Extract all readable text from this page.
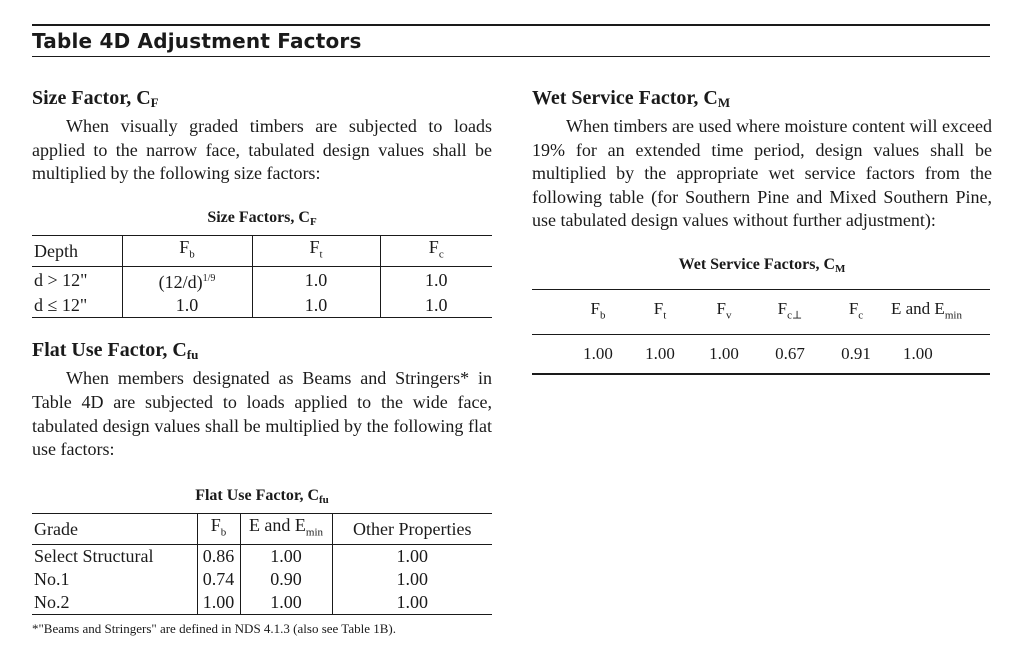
Table 4D Adjustment Factors
Size Factor, $C_F$

When visually graded timbers are subjected to loads applied to the narrow face, tabulated design values shall be multiplied by the following size factors:

Size Factors, $C_F$
Depth	$F_b$	$F_t$	$F_c$
d > 12"	$(12/d)^{1/9}$	1.0	1.0
d ≤ 12"	1.0	1.0	1.0
Flat Use Factor, $C_{fu}$

When members designated as Beams and Stringers* in Table 4D are subjected to loads applied to the wide face, tabulated design values shall be multiplied by the following flat use factors:

Flat Use Factor, $C_{fu}$
Grade	$F_b$	E and $E_{min}$	Other Properties
Select Structural	0.86	1.00	1.00
No.1	0.74	0.90	1.00
No.2	1.00	1.00	1.00
*"Beams and Stringers" are defined in NDS 4.1.3 (also see Table 1B).
Wet Service Factor, $C_M$

When timbers are used where moisture content will exceed 19% for an extended time period, design values shall be multiplied by the appropriate wet service factors from the following table (for Southern Pine and Mixed Southern Pine, use tabulated design values without further adjustment):

Wet Service Factors, $C_M$
	$F_b$	$F_t$	$F_v$	$F_{c\perp}$	$F_c$	E and $E_{min}$
	1.00	1.00	1.00	0.67	0.91	1.00
